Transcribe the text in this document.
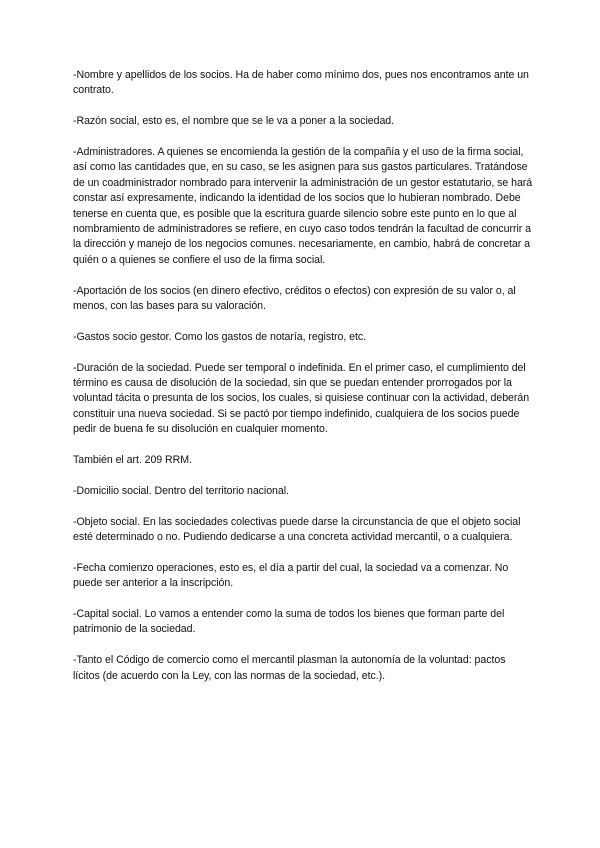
-Nombre y apellidos de los socios. Ha de haber como mínimo dos, pues nos encontramos ante un contrato.

-Razón social, esto es, el nombre que se le va a poner a la sociedad.

-Administradores. A quienes se encomienda la gestión de la compañía y el uso de la firma social, así como las cantidades que, en su caso, se les asignen para sus gastos particulares. Tratándose de un coadministrador nombrado para intervenir la administración de un gestor estatutario, se hará constar así expresamente, indicando la identidad de los socios que lo hubieran nombrado. Debe tenerse en cuenta que, es posible que la escritura guarde silencio sobre este punto en lo que al nombramiento de administradores se refiere, en cuyo caso todos tendrán la facultad de concurrir a la dirección y manejo de los negocios comunes. necesariamente, en cambio, habrá de concretar a quién o a quienes se confiere el uso de la firma social.

-Aportación de los socios (en dinero efectivo, créditos o efectos) con expresión de su valor o, al menos, con las bases para su valoración.

-Gastos socio gestor. Como los gastos de notaría, registro, etc.

-Duración de la sociedad. Puede ser temporal o indefinida. En el primer caso, el cumplimiento del término es causa de disolución de la sociedad, sin que se puedan entender prorrogados por la voluntad tácita o presunta de los socios, los cuales, si quisiese continuar con la actividad, deberán constituir una nueva sociedad. Si se pactó por tiempo indefinido, cualquiera de los socios puede pedir de buena fe su disolución en cualquier momento.

También el art. 209 RRM.

-Domicilio social. Dentro del territorio nacional.

-Objeto social. En las sociedades colectivas puede darse la circunstancia de que el objeto social esté determinado o no. Pudiendo dedicarse a una concreta actividad mercantil, o a cualquiera.

-Fecha comienzo operaciones, esto es, el día a partir del cual, la sociedad va a comenzar. No puede ser anterior a la inscripción.

-Capital social. Lo vamos a entender como la suma de todos los bienes que forman parte del patrimonio de la sociedad.

-Tanto el Código de comercio como el mercantil plasman la autonomía de la voluntad: pactos lícitos (de acuerdo con la Ley, con las normas de la sociedad, etc.).
